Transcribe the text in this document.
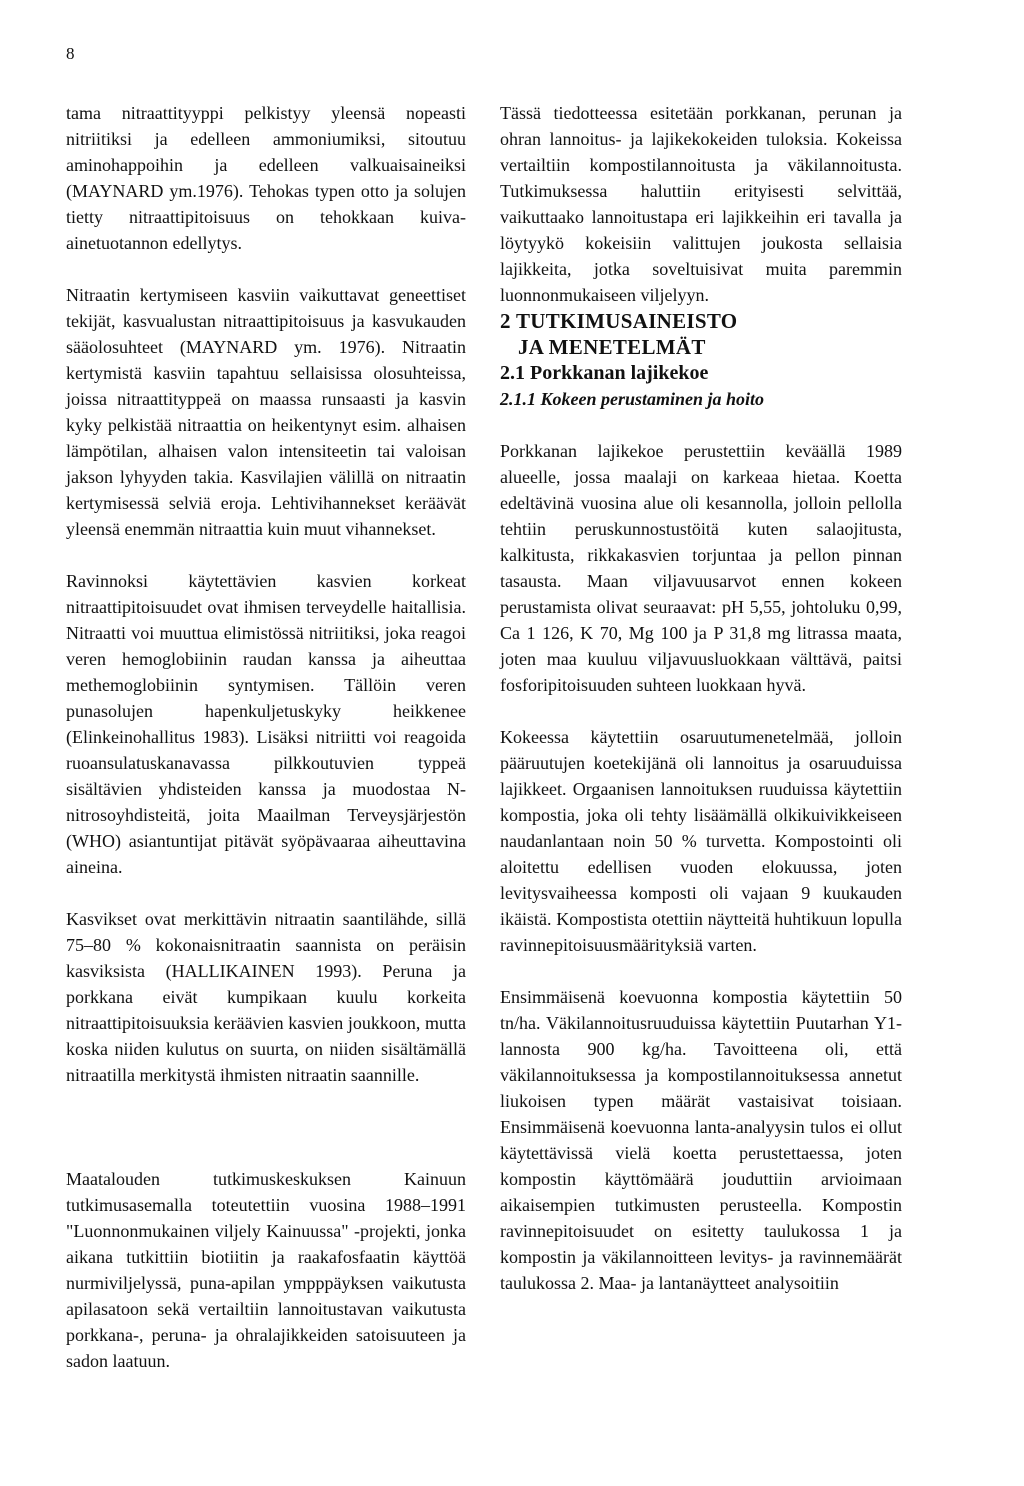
8

tama nitraattityyppi pelkistyy yleensä nopeasti nitriitiksi ja edelleen ammoniumiksi, sitoutuu aminohappoihin ja edelleen valkuaisaineiksi (MAYNARD ym.1976). Tehokas typen otto ja solujen tietty nitraattipitoisuus on tehokkaan kuiva-ainetuotannon edellytys.

Nitraatin kertymiseen kasviin vaikuttavat geneettiset tekijät, kasvualustan nitraattipitoisuus ja kasvukauden sääolosuhteet (MAYNARD ym. 1976). Nitraatin kertymistä kasviin tapahtuu sellaisissa olosuhteissa, joissa nitraattityppeä on maassa runsaasti ja kasvin kyky pelkistää nitraattia on heikentynyt esim. alhaisen lämpötilan, alhaisen valon intensiteetin tai valoisan jakson lyhyyden takia. Kasvilajien välillä on nitraatin kertymisessä selviä eroja. Lehtivihannekset keräävät yleensä enemmän nitraattia kuin muut vihannekset.

Ravinnoksi käytettävien kasvien korkeat nitraattipitoisuudet ovat ihmisen terveydelle haitallisia. Nitraatti voi muuttua elimistössä nitriitiksi, joka reagoi veren hemoglobiinin raudan kanssa ja aiheuttaa methemoglobiinin syntymisen. Tällöin veren punasolujen hapenkuljetuskyky heikkenee (Elinkeinohallitus 1983). Lisäksi nitriitti voi reagoida ruoansulatuskanavassa pilkkoutuvien typpeä sisältävien yhdisteiden kanssa ja muodostaa N-nitrosoyhdisteitä, joita Maailman Terveysjärjestön (WHO) asiantuntijat pitävät syöpävaaraa aiheuttavina aineina.

Kasvikset ovat merkittävin nitraatin saantilähde, sillä 75–80 % kokonaisnitraatin saannista on peräisin kasviksista (HALLIKAINEN 1993). Peruna ja porkkana eivät kumpikaan kuulu korkeita nitraattipitoisuuksia keräävien kasvien joukkoon, mutta koska niiden kulutus on suurta, on niiden sisältämällä nitraatilla merkitystä ihmisten nitraatin saannille.

Maatalouden tutkimuskeskuksen Kainuun tutkimusasemalla toteutettiin vuosina 1988–1991 "Luonnonmukainen viljely Kainuussa" -projekti, jonka aikana tutkittiin biotiitin ja raakafosfaatin käyttöä nurmiviljelyssä, puna-apilan ympppäyksen vaikutusta apilasatoon sekä vertailtiin lannoitustavan vaikutusta porkkana-, peruna- ja ohralajikkeiden satoisuuteen ja sadon laatuun.

Tässä tiedotteessa esitetään porkkanan, perunan ja ohran lannoitus- ja lajikekokeiden tuloksia. Kokeissa vertailtiin kompostilannoitusta ja väkilannoitusta. Tutkimuksessa haluttiin erityisesti selvittää, vaikuttaako lannoitustapa eri lajikkeihin eri tavalla ja löytyykö kokeisiin valittujen joukosta sellaisia lajikkeita, jotka soveltuisivat muita paremmin luonnonmukaiseen viljelyyn.

2 TUTKIMUSAINEISTO
JA MENETELMÄT
2.1 Porkkanan lajikekoe
2.1.1 Kokeen perustaminen ja hoito

Porkkanan lajikekoe perustettiin keväällä 1989 alueelle, jossa maalaji on karkeaa hietaa. Koetta edeltävinä vuosina alue oli kesannolla, jolloin pellolla tehtiin peruskunnostustöitä kuten salaojitusta, kalkitusta, rikkakasvien torjuntaa ja pellon pinnan tasausta. Maan viljavuusarvot ennen kokeen perustamista olivat seuraavat: pH 5,55, johtoluku 0,99, Ca 1 126, K 70, Mg 100 ja P 31,8 mg litrassa maata, joten maa kuuluu viljavuusluokkaan välttävä, paitsi fosforipitoisuuden suhteen luokkaan hyvä.

Kokeessa käytettiin osaruutumenetelmää, jolloin pääruutujen koetekijänä oli lannoitus ja osaruuduissa lajikkeet. Orgaanisen lannoituksen ruuduissa käytettiin kompostia, joka oli tehty lisäämällä olkikuivikkeiseen naudanlantaan noin 50 % turvetta. Kompostointi oli aloitettu edellisen vuoden elokuussa, joten levitysvaiheessa komposti oli vajaan 9 kuukauden ikäistä. Kompostista otettiin näytteitä huhtikuun lopulla ravinnepitoisuusmäärityksiä varten.

Ensimmäisenä koevuonna kompostia käytettiin 50 tn/ha. Väkilannoitusruuduissa käytettiin Puutarhan Y1-lannosta 900 kg/ha. Tavoitteena oli, että väkilannoituksessa ja kompostilannoituksessa annetut liukoisen typen määrät vastaisivat toisiaan. Ensimmäisenä koevuonna lanta-analyysin tulos ei ollut käytettävissä vielä koetta perustettaessa, joten kompostin käyttömäärä jouduttiin arvioimaan aikaisempien tutkimusten perusteella. Kompostin ravinnepitoisuudet on esitetty taulukossa 1 ja kompostin ja väkilannoitteen levitys- ja ravinnemäärät taulukossa 2. Maa- ja lantanäytteet analysoitiin
